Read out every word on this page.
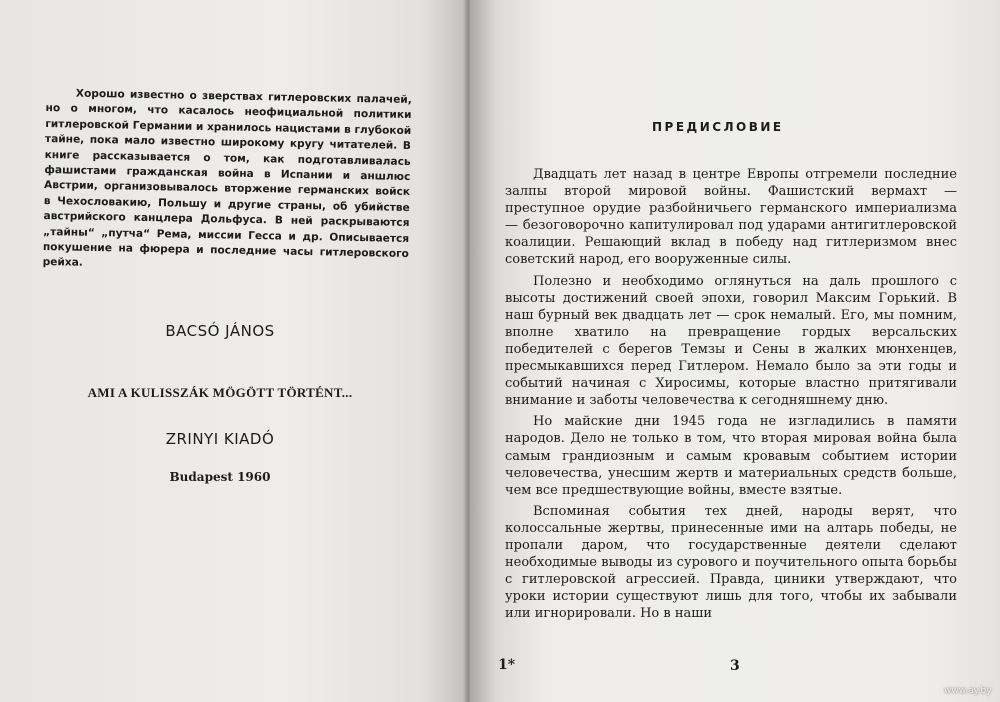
Хорошо известно о зверствах гитлеровских палачей, но о многом, что касалось неофициальной политики гитлеровской Германии и хранилось нацистами в глубокой тайне, пока мало известно широкому кругу читателей. В книге рассказывается о том, как подготавливалась фашистами гражданская война в Испании и аншлюс Австрии, организовывалось вторжение германских войск в Чехословакию, Польшу и другие страны, об убийстве австрийского канцлера Дольфуса. В ней раскрываются „тайны“ „путча“ Рема, миссии Гесса и др. Описывается покушение на фюрера и последние часы гитлеровского рейха.

BACSÓ JÁNOS

AMI A KULISSZÁK MÖGÖTT TÖRTÉNT...

ZRINYI KIADÓ

Budapest 1960

ПРЕДИСЛОВИЕ

Двадцать лет назад в центре Европы отгремели последние залпы второй мировой войны. Фашистский вермахт — преступное орудие разбойничьего германского империализма — безоговорочно капитулировал под ударами антигитлеровской коалиции. Решающий вклад в победу над гитлеризмом внес советский народ, его вооруженные силы.

Полезно и необходимо оглянуться на даль прошлого с высоты достижений своей эпохи, говорил Максим Горький. В наш бурный век двадцать лет — срок немалый. Его, мы помним, вполне хватило на превращение гордых версальских победителей с берегов Темзы и Сены в жалких мюнхенцев, пресмыкавшихся перед Гитлером. Немало было за эти годы и событий начиная с Хиросимы, которые властно притягивали внимание и заботы человечества к сегодняшнему дню.

Но майские дни 1945 года не изгладились в памяти народов. Дело не только в том, что вторая мировая война была самым грандиозным и самым кровавым событием истории человечества, унесшим жертв и материальных средств больше, чем все предшествующие войны, вместе взятые.

Вспоминая события тех дней, народы верят, что колоссальные жертвы, принесенные ими на алтарь победы, не пропали даром, что государственные деятели сделают необходимые выводы из сурового и поучительного опыта борьбы с гитлеровской агрессией. Правда, циники утверждают, что уроки истории существуют лишь для того, чтобы их забывали или игнорировали. Но в наши

1*	3

www.ay.by
